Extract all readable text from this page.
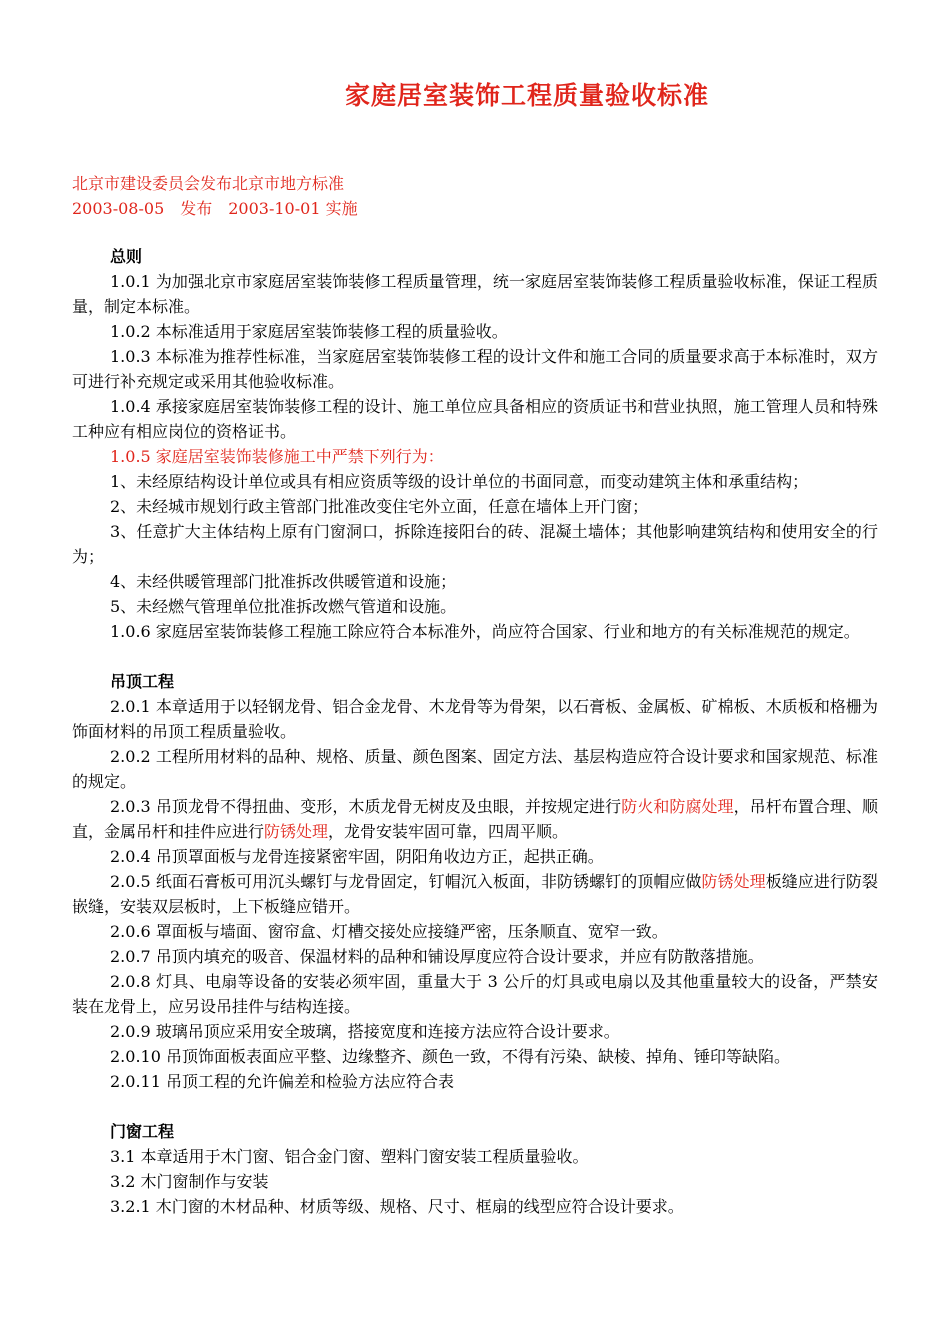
家庭居室装饰工程质量验收标准
北京市建设委员会发布北京市地方标准
2003-08-05　发布　2003-10-01 实施
总则

1.0.1 为加强北京市家庭居室装饰装修工程质量管理，统一家庭居室装饰装修工程质量验收标准，保证工程质量，制定本标准。

1.0.2 本标准适用于家庭居室装饰装修工程的质量验收。

1.0.3 本标准为推荐性标准，当家庭居室装饰装修工程的设计文件和施工合同的质量要求高于本标准时，双方可进行补充规定或采用其他验收标准。

1.0.4 承接家庭居室装饰装修工程的设计、施工单位应具备相应的资质证书和营业执照，施工管理人员和特殊工种应有相应岗位的资格证书。

1.0.5 家庭居室装饰装修施工中严禁下列行为：

1、未经原结构设计单位或具有相应资质等级的设计单位的书面同意，而变动建筑主体和承重结构；

2、未经城市规划行政主管部门批准改变住宅外立面，任意在墙体上开门窗；

3、任意扩大主体结构上原有门窗洞口，拆除连接阳台的砖、混凝土墙体；其他影响建筑结构和使用安全的行为；

4、未经供暖管理部门批准拆改供暖管道和设施；

5、未经燃气管理单位批准拆改燃气管道和设施。

1.0.6 家庭居室装饰装修工程施工除应符合本标准外，尚应符合国家、行业和地方的有关标准规范的规定。

吊顶工程

2.0.1 本章适用于以轻钢龙骨、铝合金龙骨、木龙骨等为骨架，以石膏板、金属板、矿棉板、木质板和格栅为饰面材料的吊顶工程质量验收。

2.0.2 工程所用材料的品种、规格、质量、颜色图案、固定方法、基层构造应符合设计要求和国家规范、标准的规定。

2.0.3 吊顶龙骨不得扭曲、变形，木质龙骨无树皮及虫眼，并按规定进行防火和防腐处理，吊杆布置合理、顺直，金属吊杆和挂件应进行防锈处理，龙骨安装牢固可靠，四周平顺。

2.0.4 吊顶罩面板与龙骨连接紧密牢固，阴阳角收边方正，起拱正确。

2.0.5 纸面石膏板可用沉头螺钉与龙骨固定，钉帽沉入板面，非防锈螺钉的顶帽应做防锈处理板缝应进行防裂嵌缝，安装双层板时，上下板缝应错开。

2.0.6 罩面板与墙面、窗帘盒、灯槽交接处应接缝严密，压条顺直、宽窄一致。

2.0.7 吊顶内填充的吸音、保温材料的品种和铺设厚度应符合设计要求，并应有防散落措施。

2.0.8 灯具、电扇等设备的安装必须牢固，重量大于 3 公斤的灯具或电扇以及其他重量较大的设备，严禁安装在龙骨上，应另设吊挂件与结构连接。

2.0.9 玻璃吊顶应采用安全玻璃，搭接宽度和连接方法应符合设计要求。

2.0.10 吊顶饰面板表面应平整、边缘整齐、颜色一致，不得有污染、缺棱、掉角、锤印等缺陷。

2.0.11 吊顶工程的允许偏差和检验方法应符合表

门窗工程

3.1 本章适用于木门窗、铝合金门窗、塑料门窗安装工程质量验收。

3.2 木门窗制作与安装

3.2.1 木门窗的木材品种、材质等级、规格、尺寸、框扇的线型应符合设计要求。
